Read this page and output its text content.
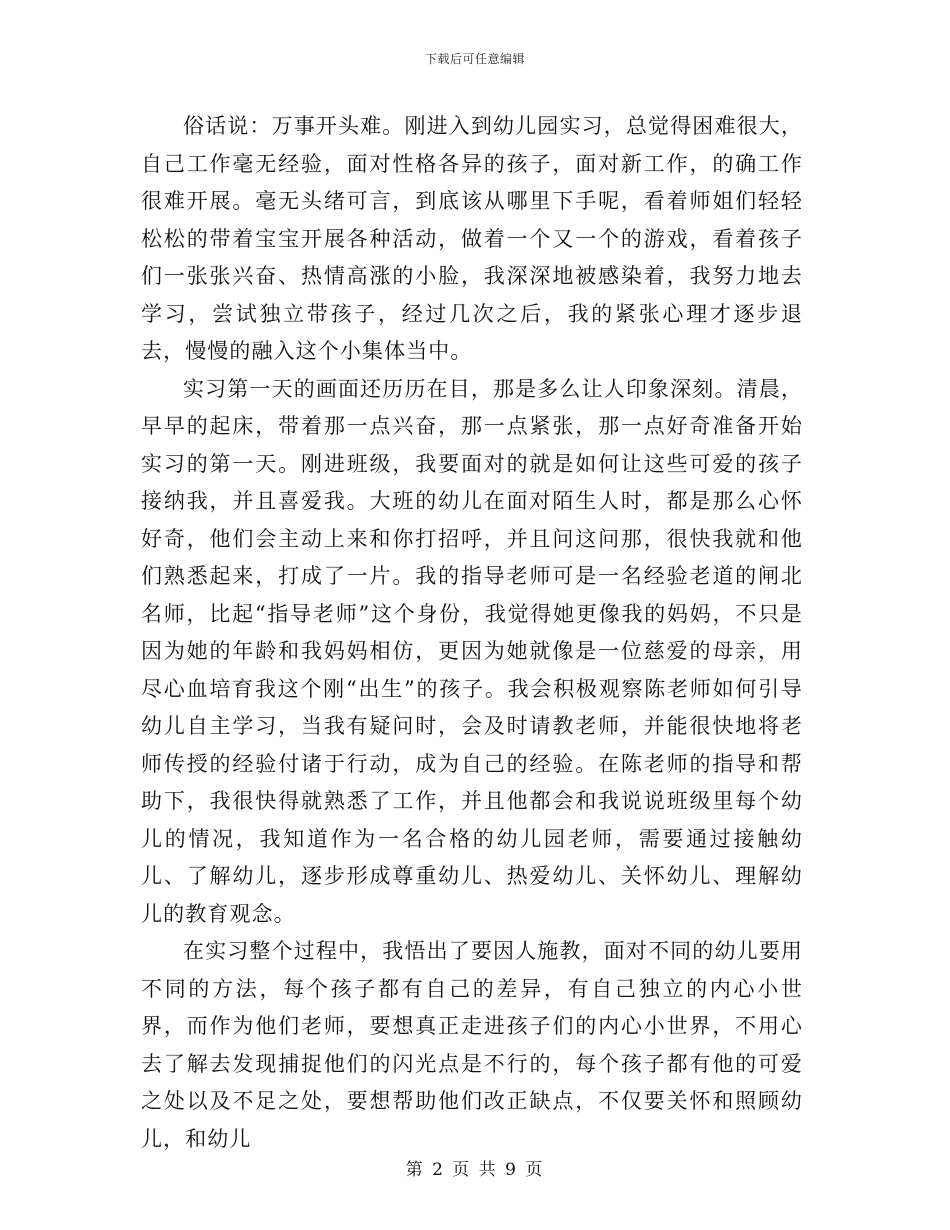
下载后可任意编辑

俗话说：万事开头难。刚进入到幼儿园实习，总觉得困难很大，自己工作毫无经验，面对性格各异的孩子，面对新工作，的确工作很难开展。毫无头绪可言，到底该从哪里下手呢，看着师姐们轻轻松松的带着宝宝开展各种活动，做着一个又一个的游戏，看着孩子们一张张兴奋、热情高涨的小脸，我深深地被感染着，我努力地去学习，尝试独立带孩子，经过几次之后，我的紧张心理才逐步退去，慢慢的融入这个小集体当中。

实习第一天的画面还历历在目，那是多么让人印象深刻。清晨，早早的起床，带着那一点兴奋，那一点紧张，那一点好奇准备开始实习的第一天。刚进班级，我要面对的就是如何让这些可爱的孩子接纳我，并且喜爱我。大班的幼儿在面对陌生人时，都是那么心怀好奇，他们会主动上来和你打招呼，并且问这问那，很快我就和他们熟悉起来，打成了一片。我的指导老师可是一名经验老道的闸北名师，比起“指导老师”这个身份，我觉得她更像我的妈妈，不只是因为她的年龄和我妈妈相仿，更因为她就像是一位慈爱的母亲，用尽心血培育我这个刚“出生”的孩子。我会积极观察陈老师如何引导幼儿自主学习，当我有疑问时，会及时请教老师，并能很快地将老师传授的经验付诸于行动，成为自己的经验。在陈老师的指导和帮助下，我很快得就熟悉了工作，并且他都会和我说说班级里每个幼儿的情况，我知道作为一名合格的幼儿园老师，需要通过接触幼儿、了解幼儿，逐步形成尊重幼儿、热爱幼儿、关怀幼儿、理解幼儿的教育观念。

在实习整个过程中，我悟出了要因人施教，面对不同的幼儿要用不同的方法，每个孩子都有自己的差异，有自己独立的内心小世界，而作为他们老师，要想真正走进孩子们的内心小世界，不用心去了解去发现捕捉他们的闪光点是不行的，每个孩子都有他的可爱之处以及不足之处，要想帮助他们改正缺点，不仅要关怀和照顾幼儿，和幼儿

第 2 页 共 9 页
